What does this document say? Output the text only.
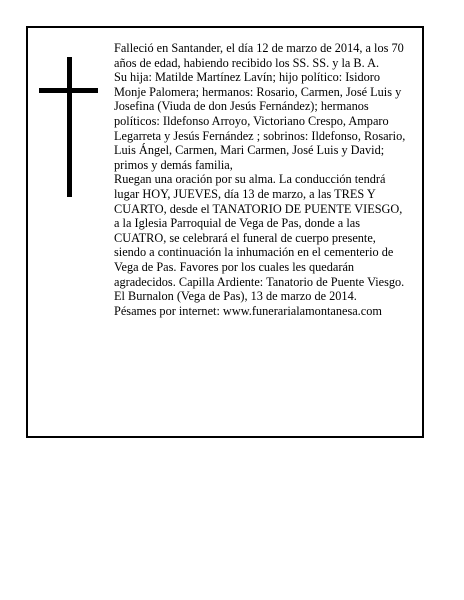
Falleció en Santander, el día 12 de marzo de 2014, a los 70 años de edad, habiendo recibido los SS. SS. y la B. A.

Su hija: Matilde Martínez Lavín; hijo político: Isidoro Monje Palomera; hermanos: Rosario, Carmen, José Luis y Josefina (Viuda de don Jesús Fernández); hermanos políticos: Ildefonso Arroyo, Victoriano Crespo, Amparo Legarreta y Jesús Fernández ; sobrinos: Ildefonso, Rosario, Luis Ángel, Carmen, Mari Carmen, José Luis y David; primos y demás familia,

Ruegan una oración por su alma. La conducción tendrá lugar HOY, JUEVES, día 13 de marzo, a las TRES Y CUARTO, desde el TANATORIO DE PUENTE VIESGO, a la Iglesia Parroquial de Vega de Pas, donde a las CUATRO, se celebrará el funeral de cuerpo presente, siendo a continuación la inhumación en el cementerio de Vega de Pas. Favores por los cuales les quedarán agradecidos. Capilla Ardiente: Tanatorio de Puente Viesgo.

El Burnalon (Vega de Pas), 13 de marzo de 2014.

Pésames por internet: www.funerarialamontanesa.com
